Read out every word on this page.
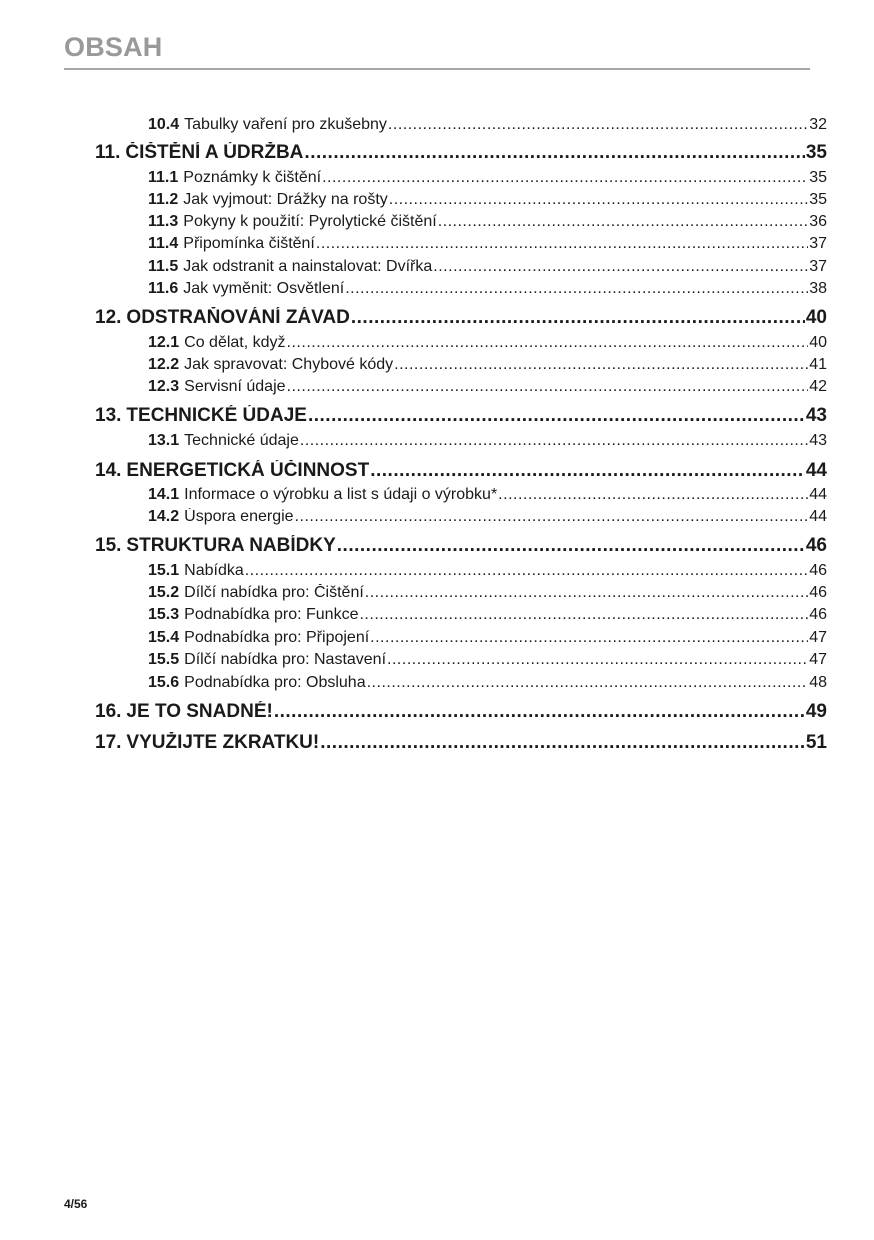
OBSAH
10.4 Tabulky vaření pro zkušebny .....	32
11. ČIŠTĚNÍ A ÚDRŽBA .....	35
11.1 Poznámky k čištění .....	35
11.2 Jak vyjmout: Drážky na rošty .....	35
11.3 Pokyny k použití: Pyrolytické čištění .....	36
11.4 Připomínka čištění .....	37
11.5 Jak odstranit a nainstalovat: Dvířka .....	37
11.6 Jak vyměnit: Osvětlení .....	38
12. ODSTRAŇOVÁNÍ ZÁVAD .....	40
12.1 Co dělat, když .....	40
12.2 Jak spravovat: Chybové kódy .....	41
12.3 Servisní údaje .....	42
13. TECHNICKÉ ÚDAJE .....	43
13.1 Technické údaje .....	43
14. ENERGETICKÁ ÚČINNOST .....	44
14.1 Informace o výrobku a list s údaji o výrobku* .....	44
14.2 Úspora energie .....	44
15. STRUKTURA NABÍDKY .....	46
15.1 Nabídka .....	46
15.2 Dílčí nabídka pro: Čištění .....	46
15.3 Podnabídka pro: Funkce .....	46
15.4 Podnabídka pro: Připojení .....	47
15.5 Dílčí nabídka pro: Nastavení .....	47
15.6 Podnabídka pro: Obsluha .....	48
16. JE TO SNADNÉ! .....	49
17. VYUŽIJTE ZKRATKU! .....	51
4/56
